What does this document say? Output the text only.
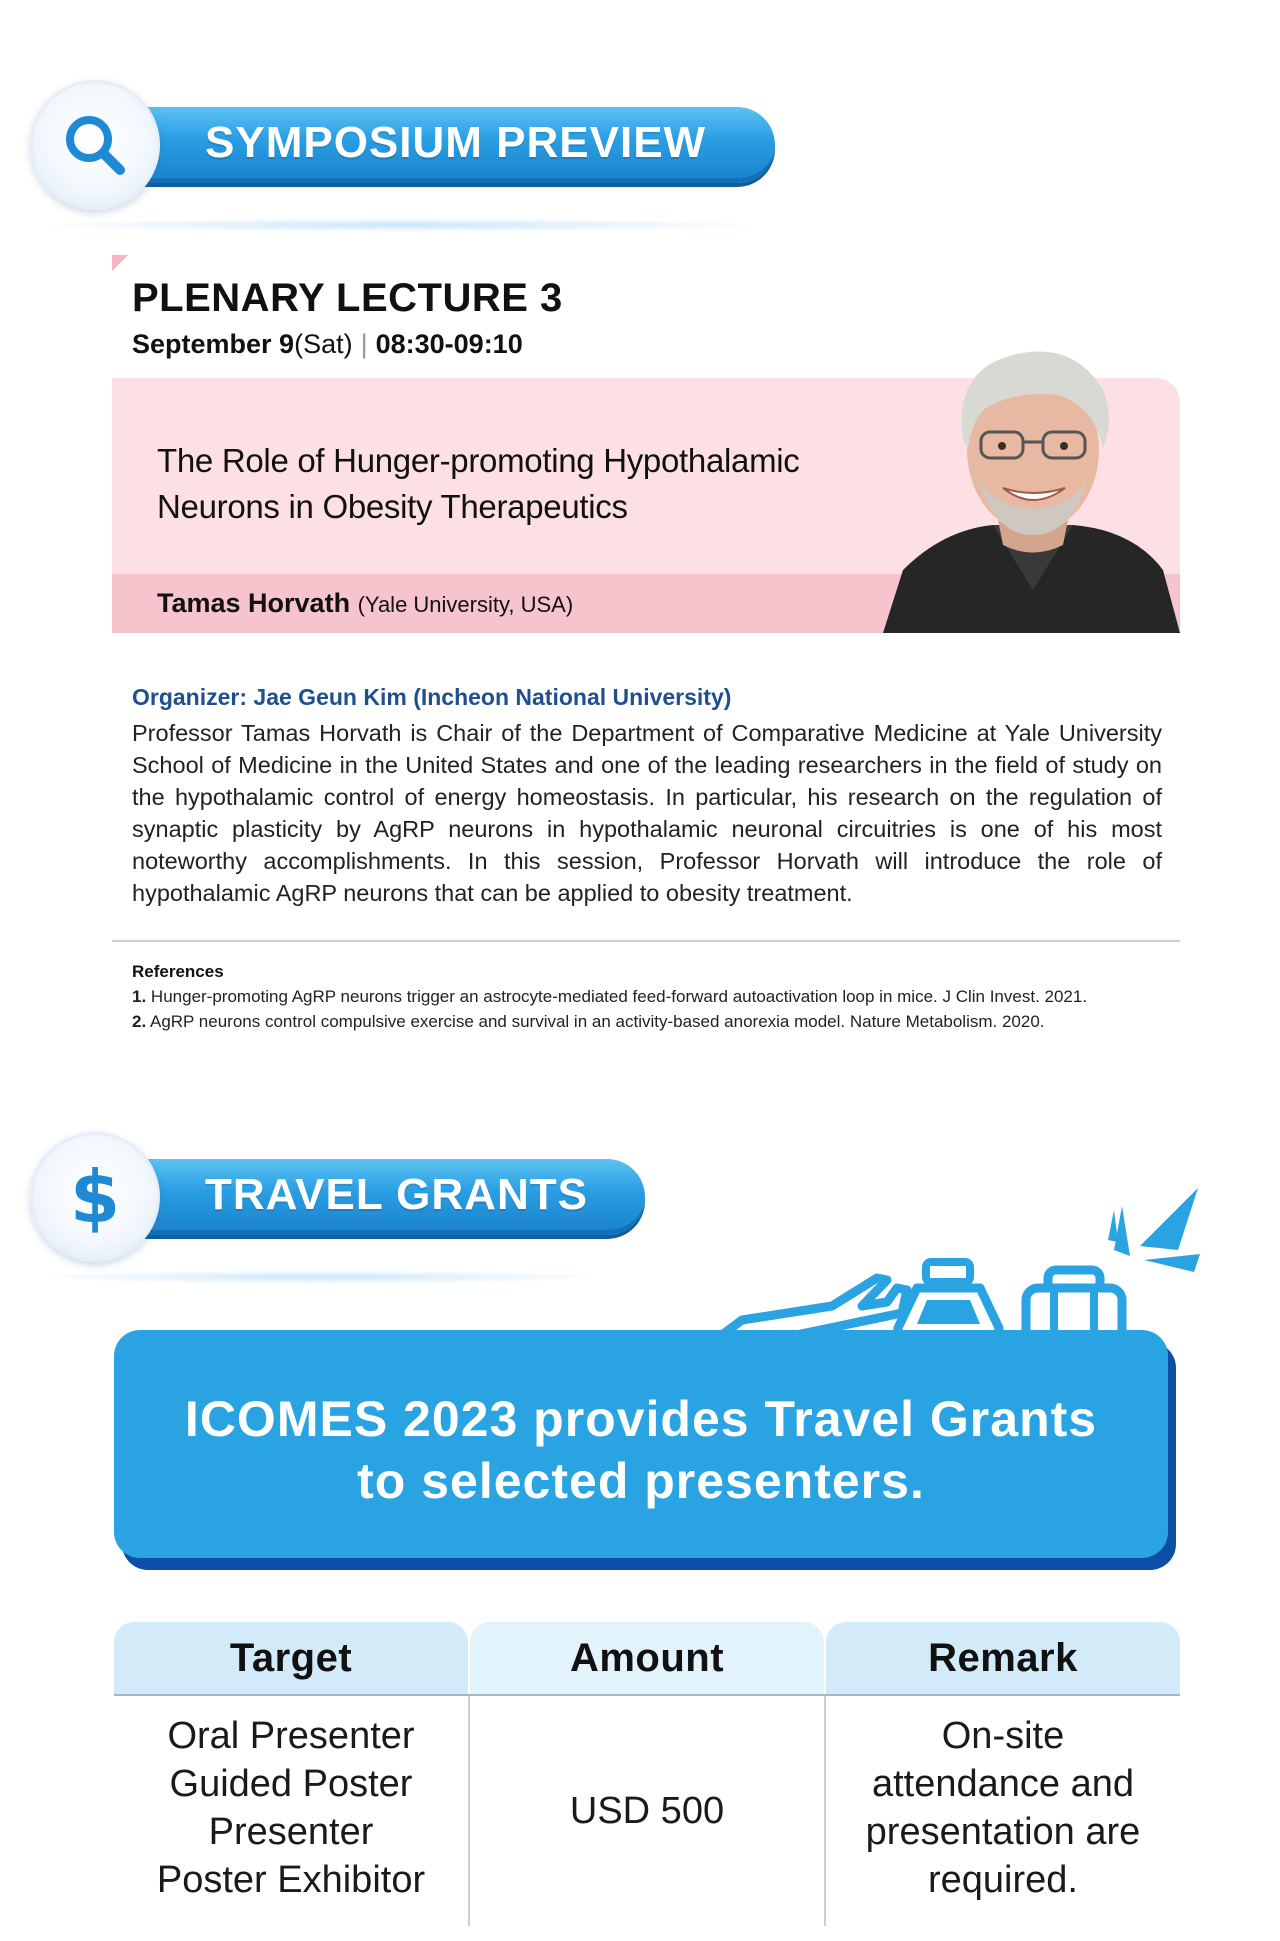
SYMPOSIUM PREVIEW
PLENARY LECTURE 3
September 9(Sat) | 08:30-09:10
The Role of Hunger-promoting Hypothalamic
Neurons in Obesity Therapeutics
Tamas Horvath (Yale University, USA)
Organizer: Jae Geun Kim (Incheon National University)
Professor Tamas Horvath is Chair of the Department of Comparative Medicine at Yale University School of Medicine in the United States and one of the leading researchers in the field of study on the hypothalamic control of energy homeostasis. In particular, his research on the regulation of synaptic plasticity by AgRP neurons in hypothalamic neuronal circuitries is one of his most noteworthy accomplishments. In this session, Professor Horvath will introduce the role of hypothalamic AgRP neurons that can be applied to obesity treatment.
References
1. Hunger-promoting AgRP neurons trigger an astrocyte-mediated feed-forward autoactivation loop in mice. J Clin Invest. 2021.
2. AgRP neurons control compulsive exercise and survival in an activity-based anorexia model. Nature Metabolism. 2020.
TRAVEL GRANTS
$
ICOMES 2023 provides Travel Grants
to selected presenters.
Target	Amount	Remark
Oral Presenter
Guided Poster
Presenter
Poster Exhibitor
USD 500
On-site
attendance and
presentation are
required.
